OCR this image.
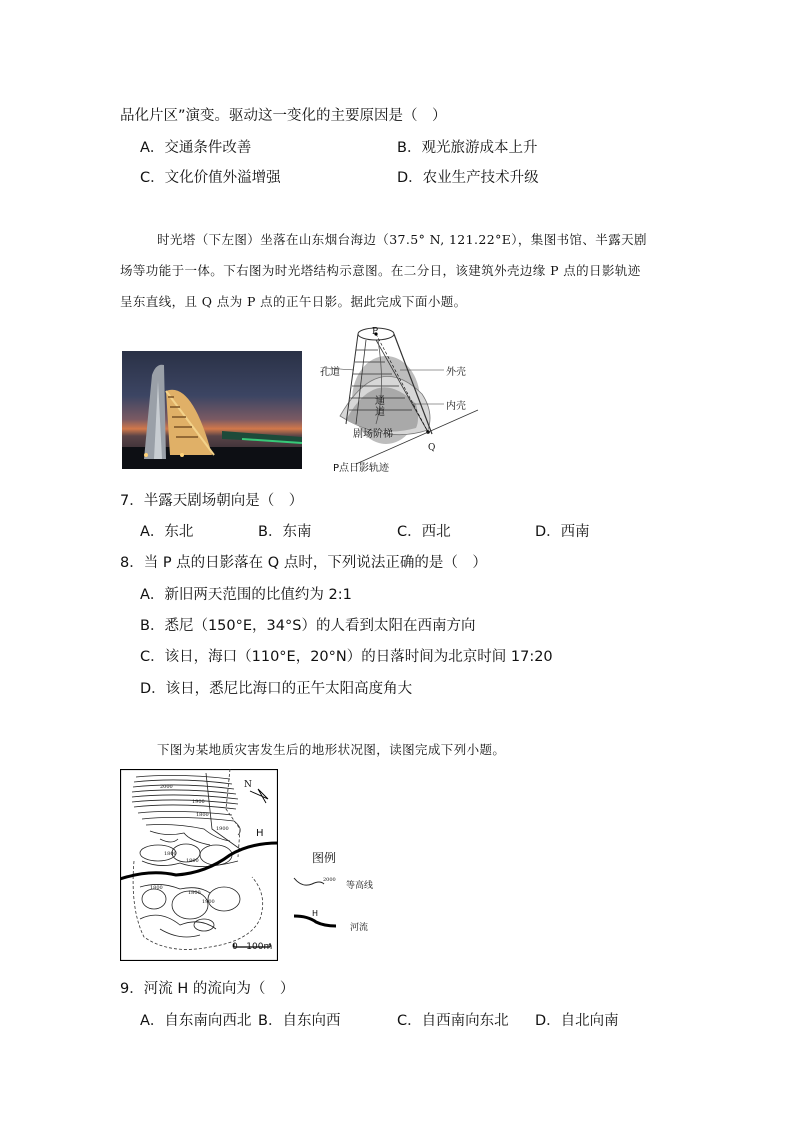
品化片区”演变。驱动这一变化的主要原因是（　）
A．交通条件改善	B．观光旅游成本上升
C．文化价值外溢增强	D．农业生产技术升级
时光塔（下左图）坐落在山东烟台海边（37.5° N, 121.22°E），集图书馆、半露天剧
场等功能于一体。下右图为时光塔结构示意图。在二分日，该建筑外壳边缘 P 点的日影轨迹
呈东直线，且 Q 点为 P 点的正午日影。据此完成下面小题。
P
孔道	外壳
通道
内壳
剧场阶梯
Q
P点日影轨迹
7．半露天剧场朝向是（　）
A．东北	B．东南	C．西北	D．西南
8．当 P 点的日影落在 Q 点时，下列说法正确的是（　）
A．新旧两天范围的比值约为 2:1
B．悉尼（150°E，34°S）的人看到太阳在西南方向
C．该日，海口（110°E，20°N）的日落时间为北京时间 17:20
D．该日，悉尼比海口的正午太阳高度角大
下图为某地质灾害发生后的地形状况图，读图完成下列小题。
N
H
2000
1900
1800
1900
1800
1800
1800
1800
1900
0   100m
图例
2000
等高线
H
河流
9．河流 H 的流向为（　）
A．自东南向西北 B．自东向西	C．自西南向东北 D．自北向南
